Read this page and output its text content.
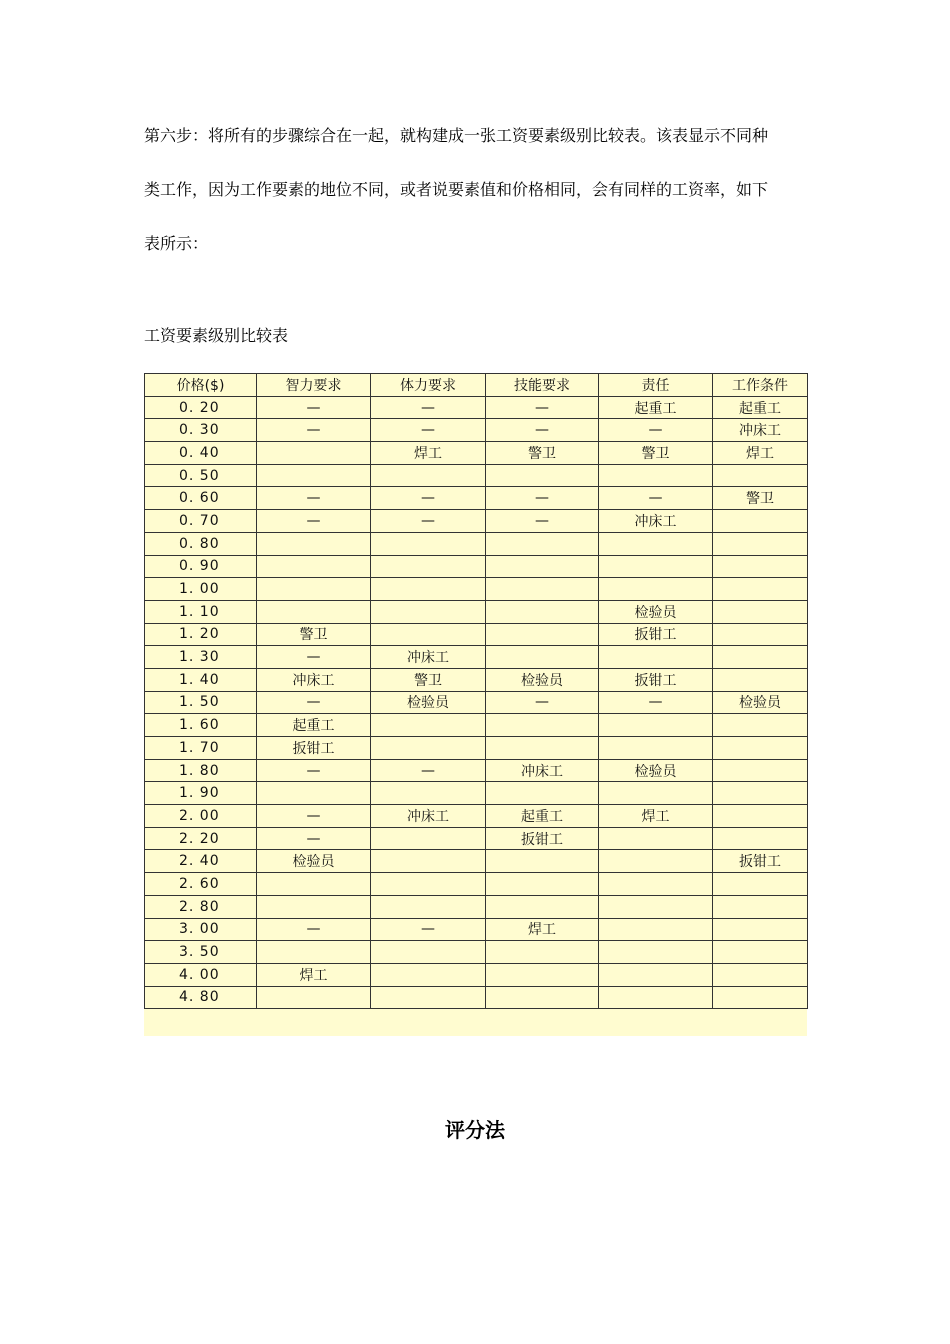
第六步：将所有的步骤综合在一起，就构建成一张工资要素级别比较表。该表显示不同种
类工作，因为工作要素的地位不同，或者说要素值和价格相同，会有同样的工资率，如下
表所示：

工资要素级别比较表

价格($)	智力要求	体力要求	技能要求	责任	工作条件
0. 20	—	—	—	起重工	起重工
0. 30	—	—	—	—	冲床工
0. 40		焊工	警卫	警卫	焊工
0. 50					
0. 60	—	—	—	—	警卫
0. 70	—	—	—	冲床工	
0. 80					
0. 90					
1. 00					
1. 10				检验员	
1. 20	警卫			扳钳工	
1. 30	—	冲床工			
1. 40	冲床工	警卫	检验员	扳钳工	
1. 50	—	检验员	—	—	检验员
1. 60	起重工				
1. 70	扳钳工				
1. 80	—	—	冲床工	检验员	
1. 90					
2. 00	—	冲床工	起重工	焊工	
2. 20	—		扳钳工		
2. 40	检验员				扳钳工
2. 60					
2. 80					
3. 00	—	—	焊工		
3. 50					
4. 00	焊工				
4. 80					
评分法
